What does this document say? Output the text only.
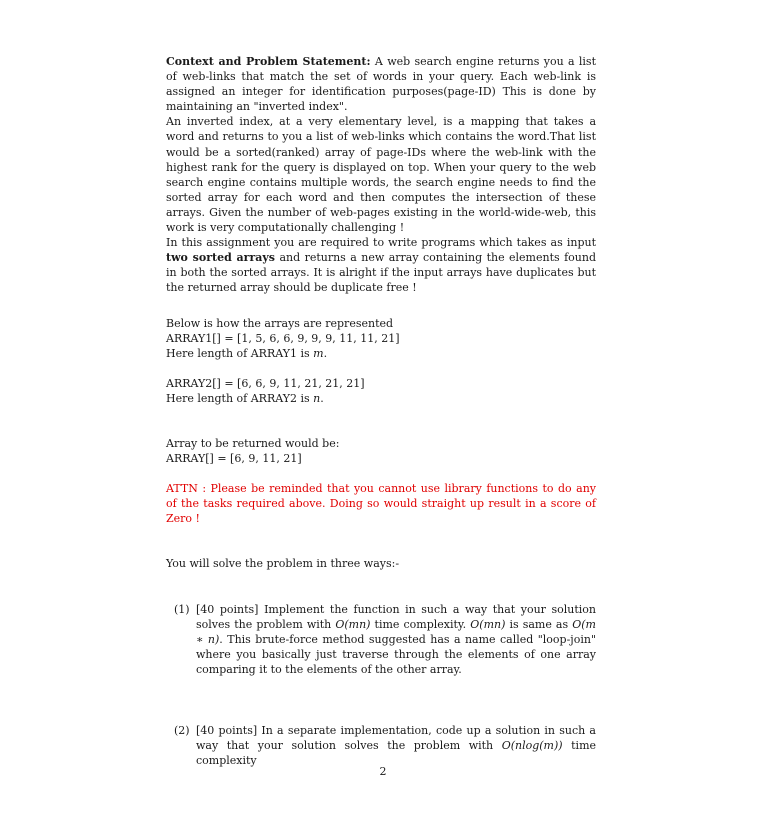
Context and Problem Statement: A web search engine returns you a list of web-links that match the set of words in your query. Each web-link is assigned an integer for identification purposes(page-ID) This is done by maintaining an "inverted index".

An inverted index, at a very elementary level, is a mapping that takes a word and returns to you a list of web-links which contains the word.That list would be a sorted(ranked) array of page-IDs where the web-link with the highest rank for the query is displayed on top. When your query to the web search engine contains multiple words, the search engine needs to find the sorted array for each word and then computes the intersection of these arrays. Given the number of web-pages existing in the world-wide-web, this work is very computationally challenging !

In this assignment you are required to write programs which takes as input two sorted arrays and returns a new array containing the elements found in both the sorted arrays. It is alright if the input arrays have duplicates but the returned array should be duplicate free !

Below is how the arrays are represented

ARRAY1[] = [1, 5, 6, 6, 9, 9, 9, 11, 11, 21]

Here length of ARRAY1 is m.

ARRAY2[] = [6, 6, 9, 11, 21, 21, 21]

Here length of ARRAY2 is n.

Array to be returned would be:

ARRAY[] = [6, 9, 11, 21]

ATTN : Please be reminded that you cannot use library functions to do any of the tasks required above. Doing so would straight up result in a score of Zero !

You will solve the problem in three ways:-

(1) [40 points] Implement the function in such a way that your solution solves the problem with O(mn) time complexity. O(mn) is same as O(m ∗ n). This brute-force method suggested has a name called "loop-join" where you basically just traverse through the elements of one array comparing it to the elements of the other array.
(2) [40 points] In a separate implementation, code up a solution in such a way that your solution solves the problem with O(nlog(m)) time complexity
2
